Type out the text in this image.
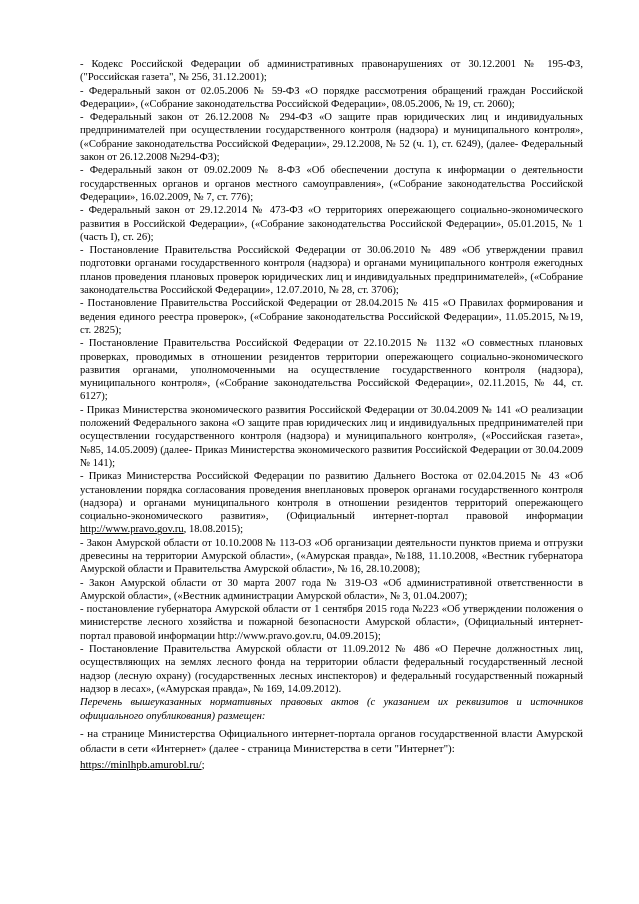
- Кодекс Российской Федерации об административных правонарушениях от 30.12.2001 № 195-ФЗ, ("Российская газета", № 256, 31.12.2001);

- Федеральный закон от 02.05.2006 № 59-ФЗ «О порядке рассмотрения обращений граждан Российской Федерации», («Собрание законодательства Российской Федерации», 08.05.2006, № 19, ст. 2060);

- Федеральный закон от 26.12.2008 № 294-ФЗ «О защите прав юридических лиц и индивидуальных предпринимателей при осуществлении государственного контроля (надзора) и муниципального контроля», («Собрание законодательства Российской Федерации», 29.12.2008, № 52 (ч. 1), ст. 6249), (далее- Федеральный закон от 26.12.2008 №294-ФЗ);

- Федеральный закон от 09.02.2009 № 8-ФЗ «Об обеспечении доступа к информации о деятельности государственных органов и органов местного самоуправления», («Собрание законодательства Российской Федерации», 16.02.2009, № 7, ст. 776);

- Федеральный закон от 29.12.2014 № 473-ФЗ «О территориях опережающего социально-экономического развития в Российской Федерации», («Собрание законодательства Российской Федерации», 05.01.2015, № 1 (часть I), ст. 26);

- Постановление Правительства Российской Федерации от 30.06.2010 № 489 «Об утверждении правил подготовки органами государственного контроля (надзора) и органами муниципального контроля ежегодных планов проведения плановых проверок юридических лиц и индивидуальных предпринимателей», («Собрание законодательства Российской Федерации», 12.07.2010, № 28, ст. 3706);

- Постановление Правительства Российской Федерации от 28.04.2015 № 415 «О Правилах формирования и ведения единого реестра проверок», («Собрание законодательства Российской Федерации», 11.05.2015, №19, ст. 2825);

- Постановление Правительства Российской Федерации от 22.10.2015 № 1132 «О совместных плановых проверках, проводимых в отношении резидентов территории опережающего социально-экономического развития органами, уполномоченными на осуществление государственного контроля (надзора), муниципального контроля», («Собрание законодательства Российской Федерации», 02.11.2015, № 44, ст. 6127);

- Приказ Министерства экономического развития Российской Федерации от 30.04.2009 № 141 «О реализации положений Федерального закона «О защите прав юридических лиц и индивидуальных предпринимателей при осуществлении государственного контроля (надзора) и муниципального контроля», («Российская газета», №85, 14.05.2009) (далее- Приказ Министерства экономического развития Российской Федерации от 30.04.2009 № 141);

- Приказ Министерства Российской Федерации по развитию Дальнего Востока от 02.04.2015 № 43 «Об установлении порядка согласования проведения внеплановых проверок органами государственного контроля (надзора) и органами муниципального контроля в отношении резидентов территорий опережающего социально-экономического развития», (Официальный интернет-портал правовой информации http://www.pravo.gov.ru, 18.08.2015);

- Закон Амурской области от 10.10.2008 № 113-ОЗ «Об организации деятельности пунктов приема и отгрузки древесины на территории Амурской области», («Амурская правда», №188, 11.10.2008, «Вестник губернатора Амурской области и Правительства Амурской области», № 16, 28.10.2008);

- Закон Амурской области от 30 марта 2007 года № 319-ОЗ «Об административной ответственности в Амурской области», («Вестник администрации Амурской области», № 3, 01.04.2007);

- постановление губернатора Амурской области от 1 сентября 2015 года №223 «Об утверждении положения о министерстве лесного хозяйства и пожарной безопасности Амурской области», (Официальный интернет-портал правовой информации http://www.pravo.gov.ru, 04.09.2015);

- Постановление Правительства Амурской области от 11.09.2012 № 486 «О Перечне должностных лиц, осуществляющих на землях лесного фонда на территории области федеральный государственный лесной надзор (лесную охрану) (государственных лесных инспекторов) и федеральный государственный пожарный надзор в лесах», («Амурская правда», № 169, 14.09.2012).

Перечень вышеуказанных нормативных правовых актов (с указанием их реквизитов и источников официального опубликования) размещен:

- на странице Министерства Официального интернет-портала органов государственной власти Амурской области в сети «Интернет» (далее - страница Министерства в сети "Интернет"):
https://minlhpb.amurobl.ru/;
